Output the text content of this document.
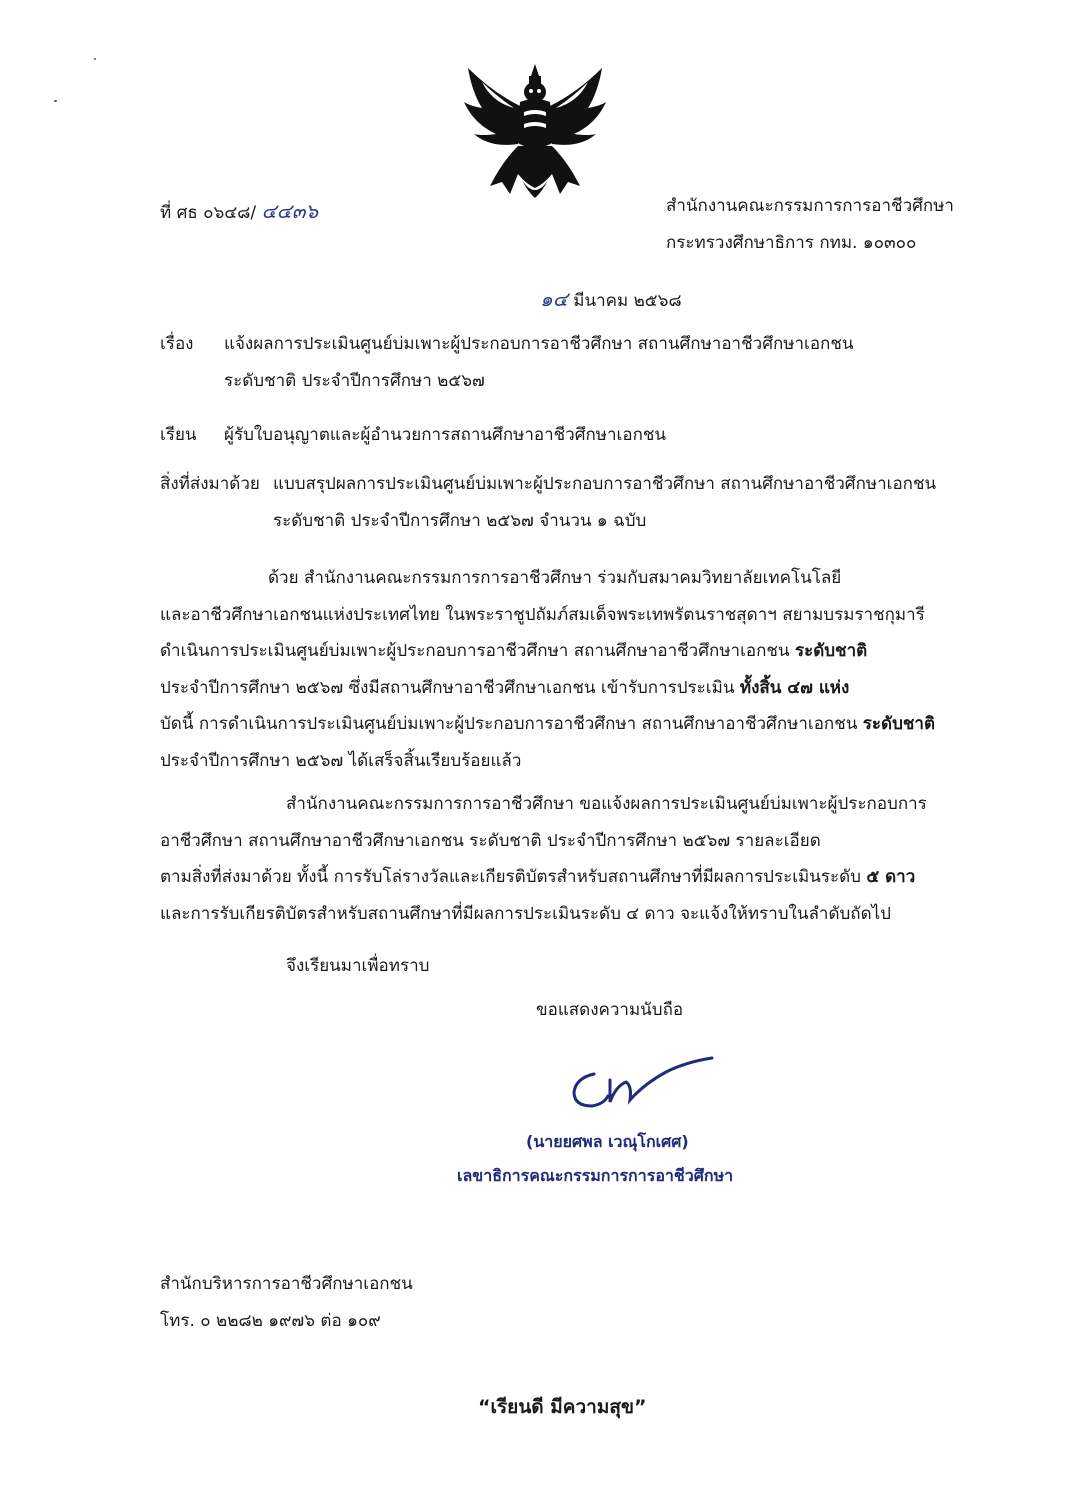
ที่ ศธ ๐๖๔๘/ ๔๔๓๖	สำนักงานคณะกรรมการการอาชีวศึกษา
กระทรวงศึกษาธิการ กทม. ๑๐๓๐๐
๑๔ มีนาคม ๒๕๖๘
เรื่อง แจ้งผลการประเมินศูนย์บ่มเพาะผู้ประกอบการอาชีวศึกษา สถานศึกษาอาชีวศึกษาเอกชน
ระดับชาติ ประจำปีการศึกษา ๒๕๖๗
เรียน ผู้รับใบอนุญาตและผู้อำนวยการสถานศึกษาอาชีวศึกษาเอกชน
สิ่งที่ส่งมาด้วย แบบสรุปผลการประเมินศูนย์บ่มเพาะผู้ประกอบการอาชีวศึกษา สถานศึกษาอาชีวศึกษาเอกชน
ระดับชาติ ประจำปีการศึกษา ๒๕๖๗ จำนวน ๑ ฉบับ
ด้วย สำนักงานคณะกรรมการการอาชีวศึกษา ร่วมกับสมาคมวิทยาลัยเทคโนโลยี
และอาชีวศึกษาเอกชนแห่งประเทศไทย ในพระราชูปถัมภ์สมเด็จพระเทพรัตนราชสุดาฯ สยามบรมราชกุมารี
ดำเนินการประเมินศูนย์บ่มเพาะผู้ประกอบการอาชีวศึกษา สถานศึกษาอาชีวศึกษาเอกชน ระดับชาติ
ประจำปีการศึกษา ๒๕๖๗ ซึ่งมีสถานศึกษาอาชีวศึกษาเอกชน เข้ารับการประเมิน ทั้งสิ้น ๔๗ แห่ง
บัดนี้ การดำเนินการประเมินศูนย์บ่มเพาะผู้ประกอบการอาชีวศึกษา สถานศึกษาอาชีวศึกษาเอกชน ระดับชาติ
ประจำปีการศึกษา ๒๕๖๗ ได้เสร็จสิ้นเรียบร้อยแล้ว
สำนักงานคณะกรรมการการอาชีวศึกษา ขอแจ้งผลการประเมินศูนย์บ่มเพาะผู้ประกอบการ
อาชีวศึกษา สถานศึกษาอาชีวศึกษาเอกชน ระดับชาติ ประจำปีการศึกษา ๒๕๖๗ รายละเอียด
ตามสิ่งที่ส่งมาด้วย ทั้งนี้ การรับโล่รางวัลและเกียรติบัตรสำหรับสถานศึกษาที่มีผลการประเมินระดับ ๕ ดาว
และการรับเกียรติบัตรสำหรับสถานศึกษาที่มีผลการประเมินระดับ ๔ ดาว จะแจ้งให้ทราบในลำดับถัดไป
จึงเรียนมาเพื่อทราบ
ขอแสดงความนับถือ
(นายยศพล เวณุโกเศศ)
เลขาธิการคณะกรรมการการอาชีวศึกษา
สำนักบริหารการอาชีวศึกษาเอกชน
โทร. ๐ ๒๒๘๒ ๑๙๗๖ ต่อ ๑๐๙
“เรียนดี มีความสุข”
